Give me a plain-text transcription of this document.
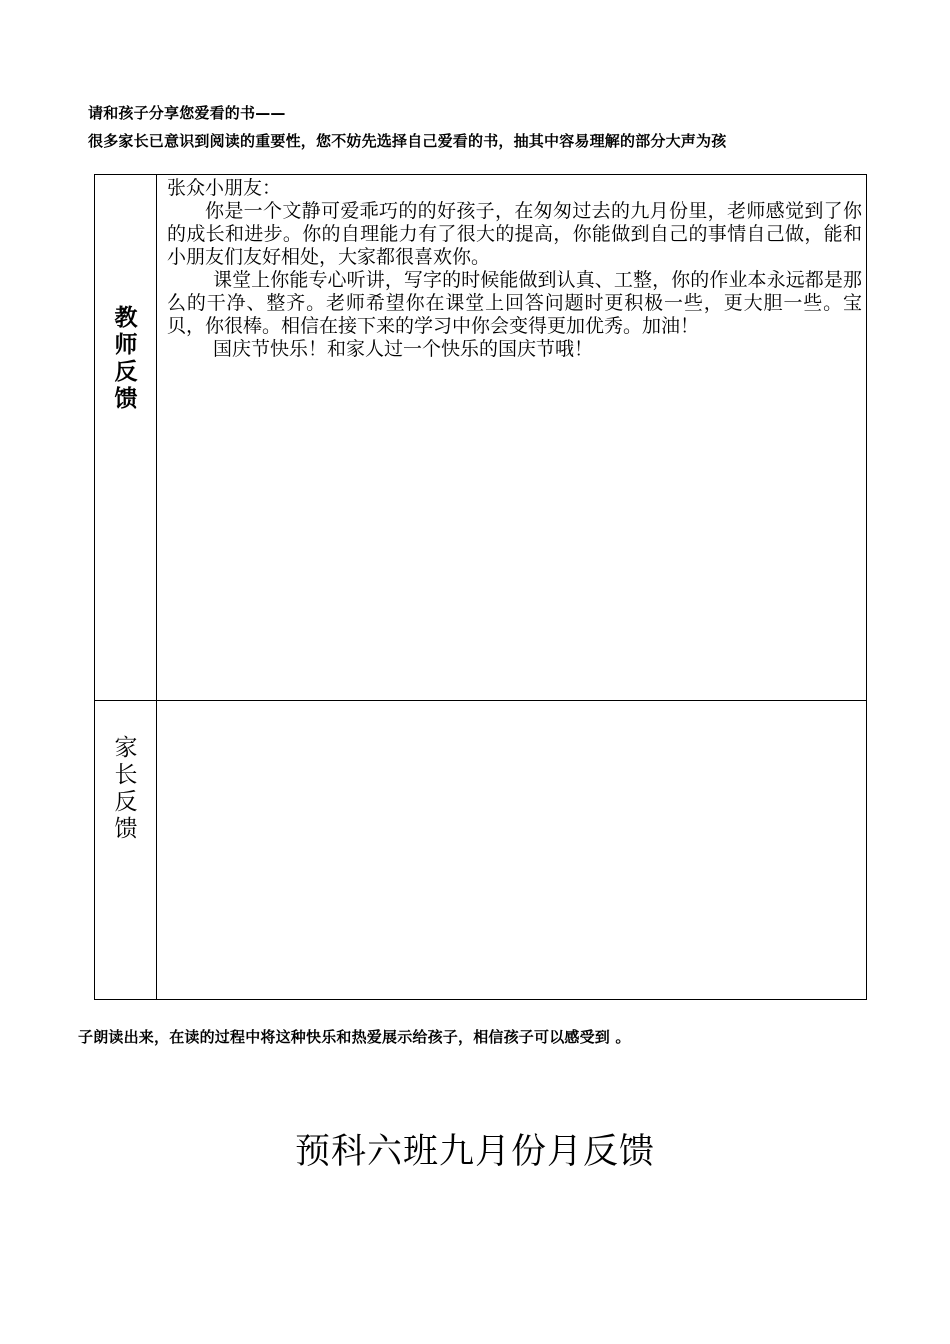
请和孩子分享您爱看的书——
很多家长已意识到阅读的重要性，您不妨先选择自己爱看的书，抽其中容易理解的部分大声为孩
教师反馈

张众小朋友：

你是一个文静可爱乖巧的的好孩子，在匆匆过去的九月份里，老师感觉到了你的成长和进步。你的自理能力有了很大的提高，你能做到自己的事情自己做，能和小朋友们友好相处，大家都很喜欢你。

课堂上你能专心听讲，写字的时候能做到认真、工整，你的作业本永远都是那么的干净、整齐。老师希望你在课堂上回答问题时更积极一些，更大胆一些。宝贝，你很棒。相信在接下来的学习中你会变得更加优秀。加油！

国庆节快乐！和家人过一个快乐的国庆节哦！

家长反馈
子朗读出来，在读的过程中将这种快乐和热爱展示给孩子，相信孩子可以感受到 。
预科六班九月份月反馈
